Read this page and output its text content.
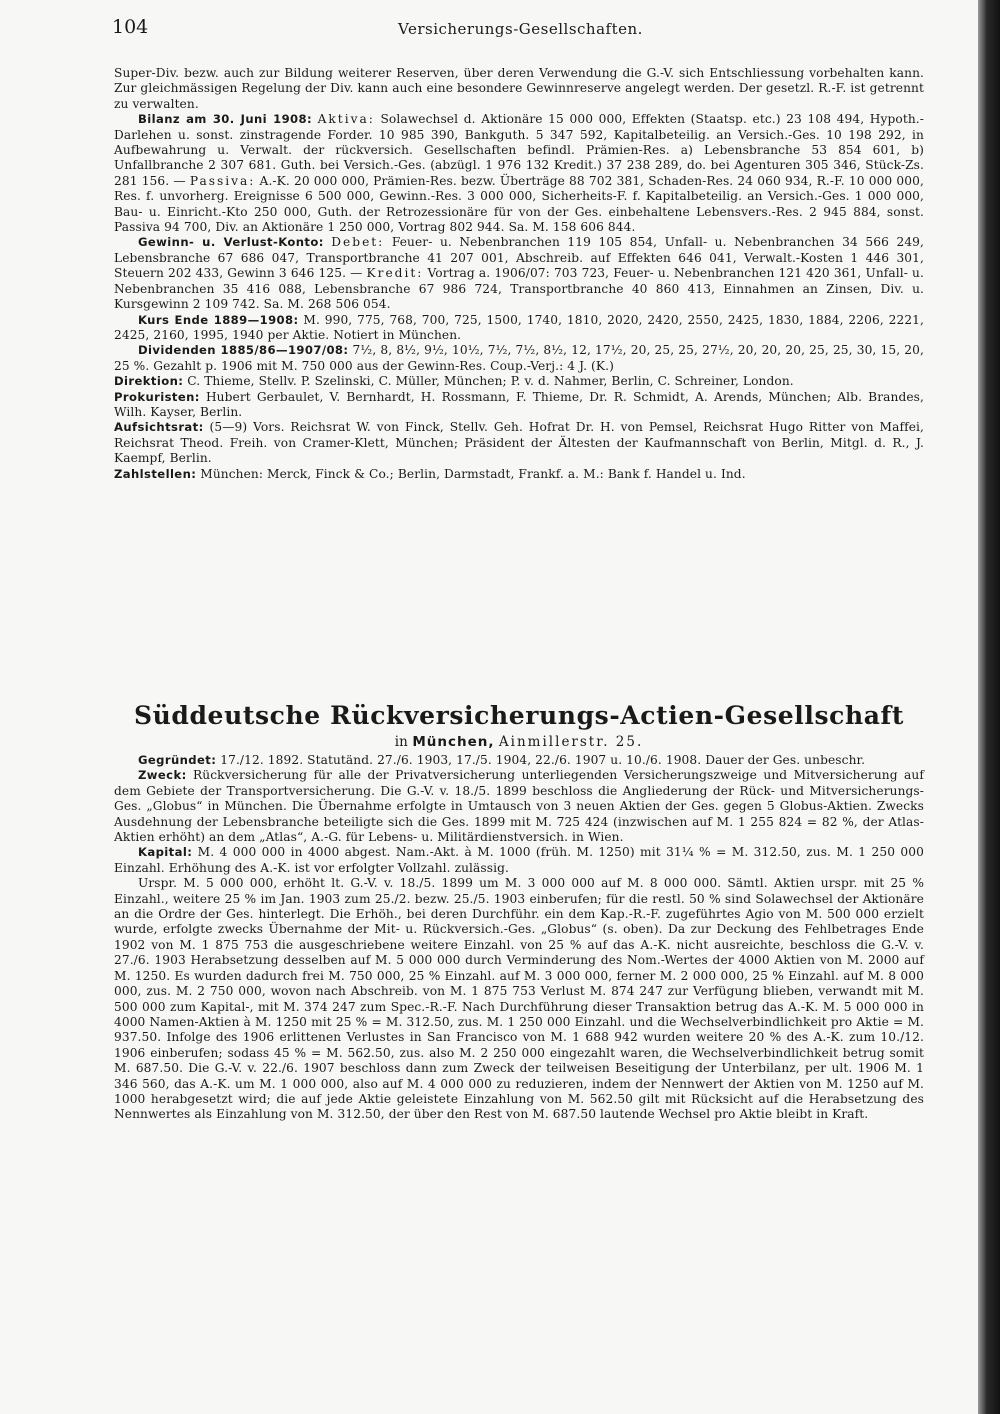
104	Versicherungs-Gesellschaften.

Super-Div. bezw. auch zur Bildung weiterer Reserven, über deren Verwendung die G.-V. sich Entschliessung vorbehalten kann. Zur gleichmässigen Regelung der Div. kann auch eine besondere Gewinnreserve angelegt werden. Der gesetzl. R.-F. ist getrennt zu verwalten.

Bilanz am 30. Juni 1908: Aktiva: Solawechsel d. Aktionäre 15 000 000, Effekten (Staatsp. etc.) 23 108 494, Hypoth.-Darlehen u. sonst. zinstragende Forder. 10 985 390, Bankguth. 5 347 592, Kapitalbeteilig. an Versich.-Ges. 10 198 292, in Aufbewahrung u. Verwalt. der rückversich. Gesellschaften befindl. Prämien-Res. a) Lebensbranche 53 854 601, b) Unfallbranche 2 307 681. Guth. bei Versich.-Ges. (abzügl. 1 976 132 Kredit.) 37 238 289, do. bei Agenturen 305 346, Stück-Zs. 281 156. — Passiva: A.-K. 20 000 000, Prämien-Res. bezw. Überträge 88 702 381, Schaden-Res. 24 060 934, R.-F. 10 000 000, Res. f. unvorherg. Ereignisse 6 500 000, Gewinn.-Res. 3 000 000, Sicherheits-F. f. Kapitalbeteilig. an Versich.-Ges. 1 000 000, Bau- u. Einricht.-Kto 250 000, Guth. der Retrozessionäre für von der Ges. einbehaltene Lebensvers.-Res. 2 945 884, sonst. Passiva 94 700, Div. an Aktionäre 1 250 000, Vortrag 802 944. Sa. M. 158 606 844.

Gewinn- u. Verlust-Konto: Debet: Feuer- u. Nebenbranchen 119 105 854, Unfall- u. Nebenbranchen 34 566 249, Lebensbranche 67 686 047, Transportbranche 41 207 001, Abschreib. auf Effekten 646 041, Verwalt.-Kosten 1 446 301, Steuern 202 433, Gewinn 3 646 125. — Kredit: Vortrag a. 1906/07: 703 723, Feuer- u. Nebenbranchen 121 420 361, Unfall- u. Nebenbranchen 35 416 088, Lebensbranche 67 986 724, Transportbranche 40 860 413, Einnahmen an Zinsen, Div. u. Kursgewinn 2 109 742. Sa. M. 268 506 054.

Kurs Ende 1889—1908: M. 990, 775, 768, 700, 725, 1500, 1740, 1810, 2020, 2420, 2550, 2425, 1830, 1884, 2206, 2221, 2425, 2160, 1995, 1940 per Aktie. Notiert in München.

Dividenden 1885/86—1907/08: 7½, 8, 8½, 9½, 10½, 7½, 7½, 8½, 12, 17½, 20, 25, 25, 27½, 20, 20, 20, 25, 25, 30, 15, 20, 25 %. Gezahlt p. 1906 mit M. 750 000 aus der Gewinn-Res. Coup.-Verj.: 4 J. (K.)

Direktion: C. Thieme, Stellv. P. Szelinski, C. Müller, München; P. v. d. Nahmer, Berlin, C. Schreiner, London.

Prokuristen: Hubert Gerbaulet, V. Bernhardt, H. Rossmann, F. Thieme, Dr. R. Schmidt, A. Arends, München; Alb. Brandes, Wilh. Kayser, Berlin.

Aufsichtsrat: (5—9) Vors. Reichsrat W. von Finck, Stellv. Geh. Hofrat Dr. H. von Pemsel, Reichsrat Hugo Ritter von Maffei, Reichsrat Theod. Freih. von Cramer-Klett, München; Präsident der Ältesten der Kaufmannschaft von Berlin, Mitgl. d. R., J. Kaempf, Berlin.

Zahlstellen: München: Merck, Finck & Co.; Berlin, Darmstadt, Frankf. a. M.: Bank f. Handel u. Ind.

Süddeutsche Rückversicherungs-Actien-Gesellschaft

in München, Ainmillerstr. 25.

Gegründet: 17./12. 1892. Statutänd. 27./6. 1903, 17./5. 1904, 22./6. 1907 u. 10./6. 1908. Dauer der Ges. unbeschr.

Zweck: Rückversicherung für alle der Privatversicherung unterliegenden Versicherungszweige und Mitversicherung auf dem Gebiete der Transportversicherung. Die G.-V. v. 18./5. 1899 beschloss die Angliederung der Rück- und Mitversicherungs-Ges. „Globus“ in München. Die Übernahme erfolgte in Umtausch von 3 neuen Aktien der Ges. gegen 5 Globus-Aktien. Zwecks Ausdehnung der Lebensbranche beteiligte sich die Ges. 1899 mit M. 725 424 (inzwischen auf M. 1 255 824 = 82 %, der Atlas-Aktien erhöht) an dem „Atlas“, A.-G. für Lebens- u. Militärdienstversich. in Wien.

Kapital: M. 4 000 000 in 4000 abgest. Nam.-Akt. à M. 1000 (früh. M. 1250) mit 31¼ % = M. 312.50, zus. M. 1 250 000 Einzahl. Erhöhung des A.-K. ist vor erfolgter Vollzahl. zulässig.

Urspr. M. 5 000 000, erhöht lt. G.-V. v. 18./5. 1899 um M. 3 000 000 auf M. 8 000 000. Sämtl. Aktien urspr. mit 25 % Einzahl., weitere 25 % im Jan. 1903 zum 25./2. bezw. 25./5. 1903 einberufen; für die restl. 50 % sind Solawechsel der Aktionäre an die Ordre der Ges. hinterlegt. Die Erhöh., bei deren Durchführ. ein dem Kap.-R.-F. zugeführtes Agio von M. 500 000 erzielt wurde, erfolgte zwecks Übernahme der Mit- u. Rückversich.-Ges. „Globus“ (s. oben). Da zur Deckung des Fehlbetrages Ende 1902 von M. 1 875 753 die ausgeschriebene weitere Einzahl. von 25 % auf das A.-K. nicht ausreichte, beschloss die G.-V. v. 27./6. 1903 Herabsetzung desselben auf M. 5 000 000 durch Verminderung des Nom.-Wertes der 4000 Aktien von M. 2000 auf M. 1250. Es wurden dadurch frei M. 750 000, 25 % Einzahl. auf M. 3 000 000, ferner M. 2 000 000, 25 % Einzahl. auf M. 8 000 000, zus. M. 2 750 000, wovon nach Abschreib. von M. 1 875 753 Verlust M. 874 247 zur Verfügung blieben, verwandt mit M. 500 000 zum Kapital-, mit M. 374 247 zum Spec.-R.-F. Nach Durchführung dieser Transaktion betrug das A.-K. M. 5 000 000 in 4000 Namen-Aktien à M. 1250 mit 25 % = M. 312.50, zus. M. 1 250 000 Einzahl. und die Wechselverbindlichkeit pro Aktie = M. 937.50. Infolge des 1906 erlittenen Verlustes in San Francisco von M. 1 688 942 wurden weitere 20 % des A.-K. zum 10./12. 1906 einberufen; sodass 45 % = M. 562.50, zus. also M. 2 250 000 eingezahlt waren, die Wechselverbindlichkeit betrug somit M. 687.50. Die G.-V. v. 22./6. 1907 beschloss dann zum Zweck der teilweisen Beseitigung der Unterbilanz, per ult. 1906 M. 1 346 560, das A.-K. um M. 1 000 000, also auf M. 4 000 000 zu reduzieren, indem der Nennwert der Aktien von M. 1250 auf M. 1000 herabgesetzt wird; die auf jede Aktie geleistete Einzahlung von M. 562.50 gilt mit Rücksicht auf die Herabsetzung des Nennwertes als Einzahlung von M. 312.50, der über den Rest von M. 687.50 lautende Wechsel pro Aktie bleibt in Kraft.
